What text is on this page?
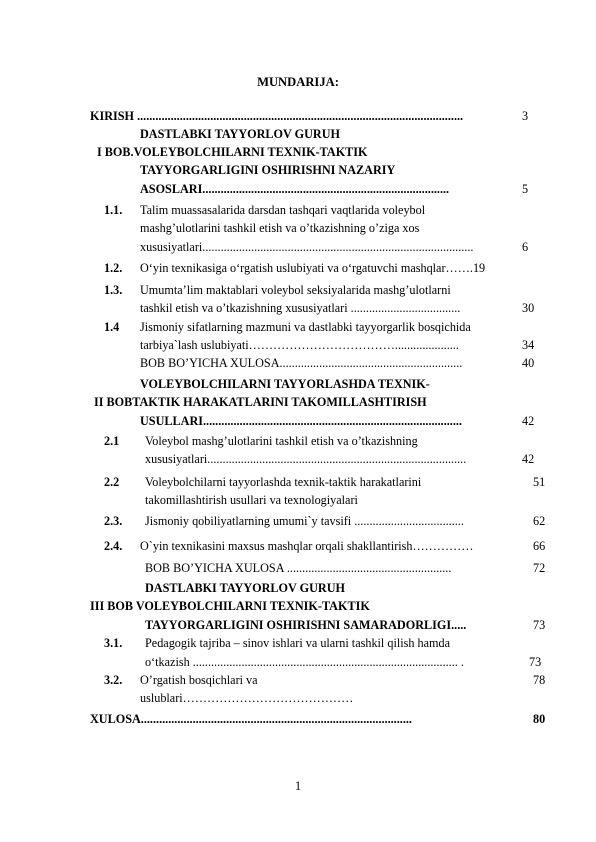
MUNDARIJA:
KIRISH ...........................................................................................................	3
DASTLABKI TAYYORLOV GURUH
I BOB.VOLEYBOLCHILARNI TEXNIK-TAKTIK
TAYYORGARLIGINI OSHIRISHNI NAZARIY
ASOSLARI.................................................................................	5
1.1. Talim muassasalarida darsdan tashqari vaqtlarida voleybol
mashg’ulotlarini tashkil etish va o’tkazishning o’ziga xos
xususiyatlari.........................................................................................	6
1.2. O‘yin texnikasiga o‘rgatish uslubiyati va o‘rgatuvchi mashqlar…….19
1.3. Umumta’lim maktablari voleybol seksiyalarida mashg’ulotlarni
tashkil etish va o’tkazishning xususiyatlari ....................................	30
1.4 Jismoniy sifatlarning mazmuni va dastlabki tayyorgarlik bosqichida
tarbiya`lash uslubiyati……………………………….....................	34
BOB BO’YICHA XULOSA............................................................	40
VOLEYBOLCHILARNI TAYYORLASHDA TEXNIK-
II BOBTAKTIK HARAKATLARINI TAKOMILLASHTIRISH
USULLARI.....................................................................................	42
2.1 Voleybol mashg’ulotlarini tashkil etish va o’tkazishning
xususiyatlari.....................................................................................	42
2.2 Voleybolchilarni tayyorlashda texnik-taktik harakatlarini	51
takomillashtirish usullari va texnologiyalari
2.3. Jismoniy qobiliyatlarning umumi`y tavsifi ....................................	62
2.4. O`yin texnikasini maxsus mashqlar orqali shakllantirish……………	66
BOB BO’YICHA XULOSA ......................................................	72
DASTLABKI TAYYORLOV GURUH
III BOB VOLEYBOLCHILARNI TEXNIK-TAKTIK
TAYYORGARLIGINI OSHIRISHNI SAMARADORLIGI.....	73
3.1. Pedagogik tajriba – sinov ishlari va ularni tashkil qilish hamda
o‘tkazish ....................................................................................... .	73
3.2. O’rgatish bosqichlari va	78
uslublari……………………………………
XULOSA.........................................................................................	80
1
